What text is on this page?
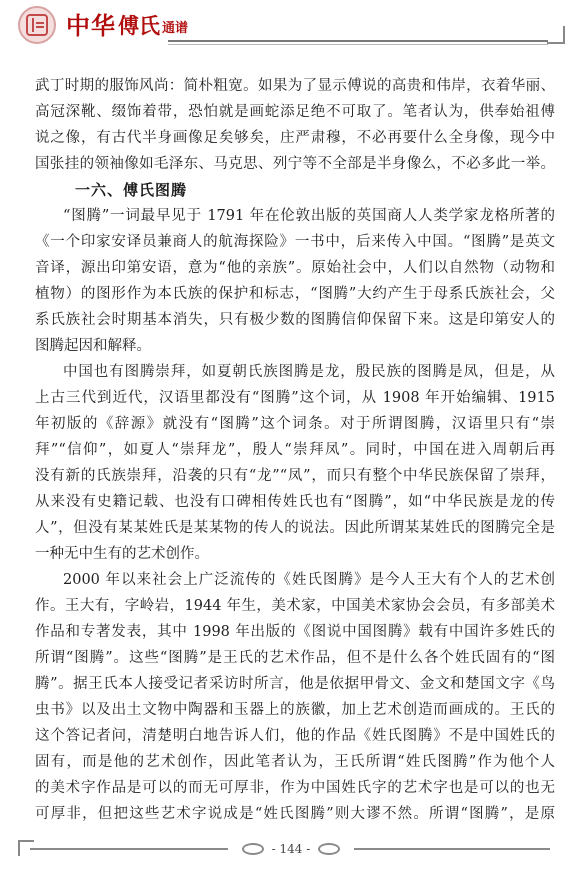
中华 傅氏 通谱
武丁时期的服饰风尚：简朴粗宽。如果为了显示傅说的高贵和伟岸，衣着华丽、
高冠深靴、缀饰着带，恐怕就是画蛇添足绝不可取了。笔者认为，供奉始祖傅
说之像，有古代半身画像足矣够矣，庄严肃穆，不必再要什么全身像，现今中
国张挂的领袖像如毛泽东、马克思、列宁等不全部是半身像么，不必多此一举。
一六、傅氏图腾
“图腾”一词最早见于 1791 年在伦敦出版的英国商人人类学家龙格所著的
《一个印家安译员兼商人的航海探险》一书中，后来传入中国。“图腾”是英文
音译，源出印第安语，意为“他的亲族”。原始社会中，人们以自然物（动物和
植物）的图形作为本氏族的保护和标志，“图腾”大约产生于母系氏族社会，父
系氏族社会时期基本消失，只有极少数的图腾信仰保留下来。这是印第安人的
图腾起因和解释。
中国也有图腾崇拜，如夏朝氏族图腾是龙，殷民族的图腾是凤，但是，从
上古三代到近代，汉语里都没有“图腾”这个词，从 1908 年开始编辑、1915
年初版的《辞源》就没有“图腾”这个词条。对于所谓图腾，汉语里只有“崇
拜”“信仰”，如夏人“崇拜龙”，殷人“崇拜凤”。同时，中国在进入周朝后再
没有新的氏族崇拜，沿袭的只有“龙”“凤”，而只有整个中华民族保留了崇拜，
从来没有史籍记载、也没有口碑相传姓氏也有“图腾”，如“中华民族是龙的传
人”，但没有某某姓氏是某某物的传人的说法。因此所谓某某姓氏的图腾完全是
一种无中生有的艺术创作。
2000 年以来社会上广泛流传的《姓氏图腾》是今人王大有个人的艺术创
作。王大有，字岭岩，1944 年生，美术家，中国美术家协会会员，有多部美术
作品和专著发表，其中 1998 年出版的《图说中国图腾》载有中国许多姓氏的
所谓“图腾”。这些“图腾”是王氏的艺术作品，但不是什么各个姓氏固有的“图
腾”。据王氏本人接受记者采访时所言，他是依据甲骨文、金文和楚国文字《鸟
虫书》以及出土文物中陶器和玉器上的族徽，加上艺术创造而画成的。王氏的
这个答记者问，清楚明白地告诉人们，他的作品《姓氏图腾》不是中国姓氏的
固有，而是他的艺术创作，因此笔者认为，王氏所谓“姓氏图腾”作为他个人
的美术字作品是可以的而无可厚非，作为中国姓氏字的艺术字也是可以的也无
可厚非，但把这些艺术字说成是“姓氏图腾”则大谬不然。所谓“图腾”，是原
- 144 -
